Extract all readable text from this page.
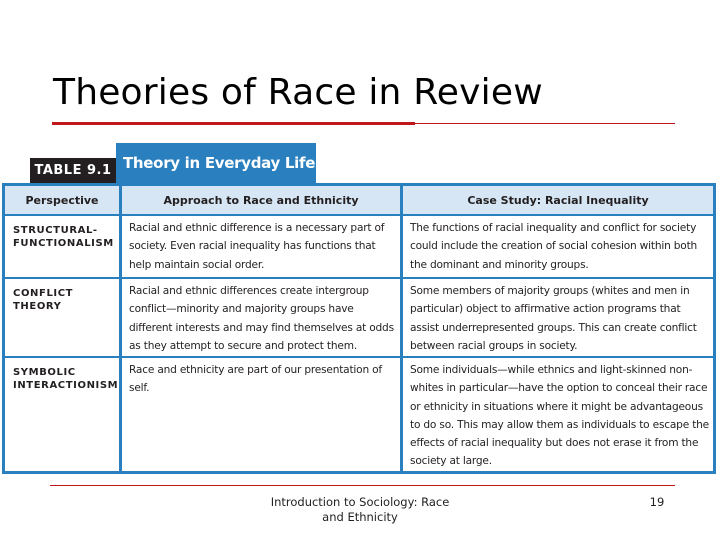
Theories of Race in Review
TABLE 9.1 Theory in Everyday Life
Perspective	Approach to Race and Ethnicity	Case Study: Racial Inequality
STRUCTURAL-FUNCTIONALISM
Racial and ethnic difference is a necessary part of society. Even racial inequality has functions that help maintain social order.
The functions of racial inequality and conflict for society could include the creation of social cohesion within both the dominant and minority groups.
CONFLICT THEORY
Racial and ethnic differences create intergroup conflict—minority and majority groups have different interests and may find themselves at odds as they attempt to secure and protect them.
Some members of majority groups (whites and men in particular) object to affirmative action programs that assist underrepresented groups. This can create conflict between racial groups in society.
SYMBOLIC INTERACTIONISM
Race and ethnicity are part of our presentation of self.
Some individuals—while ethnics and light-skinned non-whites in particular—have the option to conceal their race or ethnicity in situations where it might be advantageous to do so. This may allow them as individuals to escape the effects of racial inequality but does not erase it from the society at large.
Introduction to Sociology: Race and Ethnicity
19
